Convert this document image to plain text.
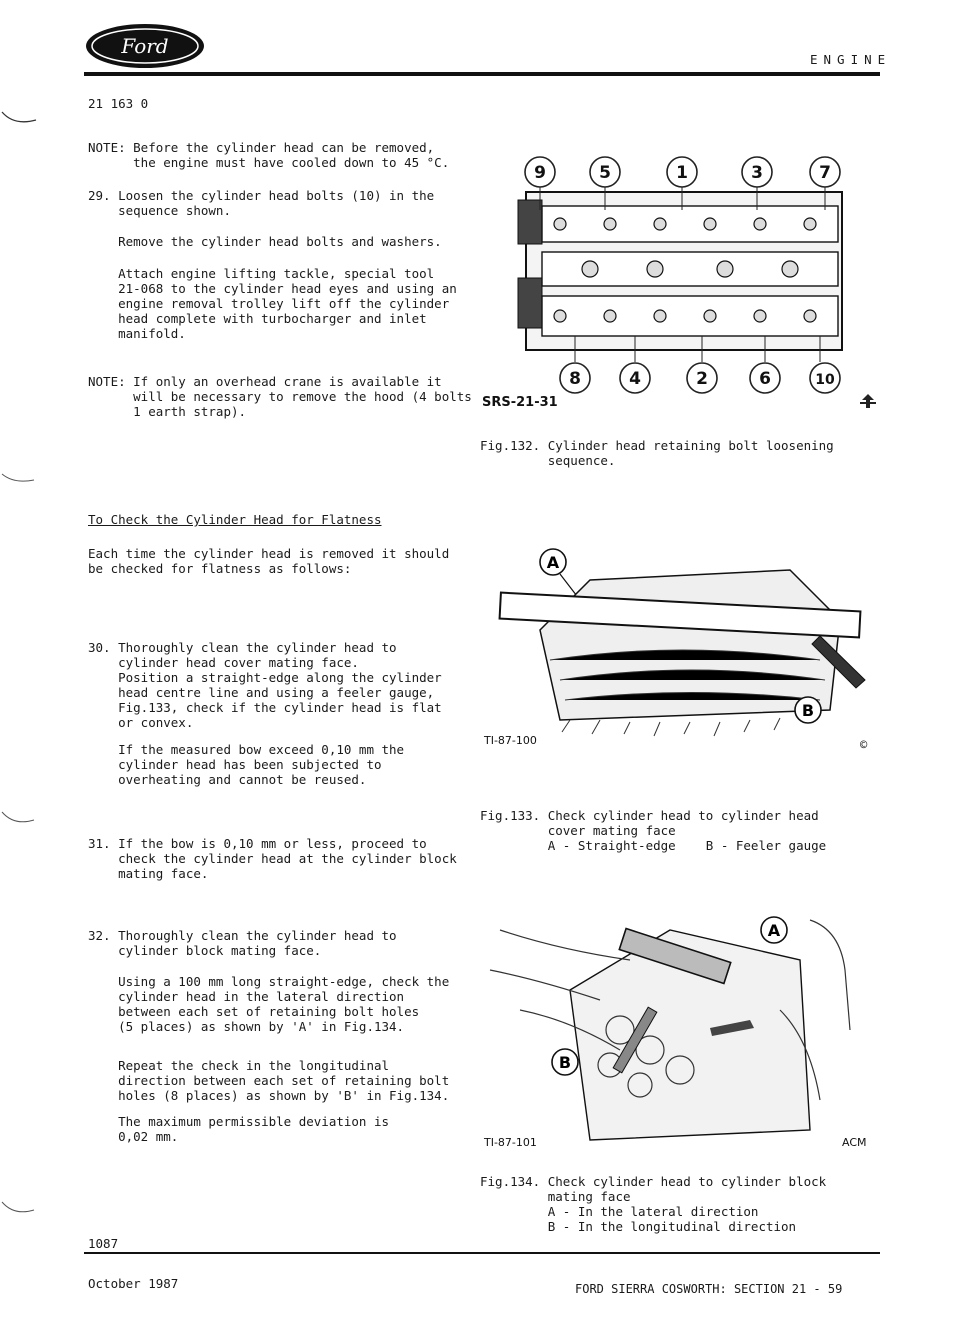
Ford
ENGINE
21 163 0
NOTE: Before the cylinder head can be removed,
the engine must have cooled down to 45 °C.
29. Loosen the cylinder head bolts (10) in the
sequence shown.
Remove the cylinder head bolts and washers.
Attach engine lifting tackle, special tool
21-068 to the cylinder head eyes and using an
engine removal trolley lift off the cylinder
head complete with turbocharger and inlet
manifold.
NOTE: If only an overhead crane is available it
will be necessary to remove the hood (4 bolts
1 earth strap).
To Check the Cylinder Head for Flatness
Each time the cylinder head is removed it should
be checked for flatness as follows:
30. Thoroughly clean the cylinder head to
cylinder head cover mating face.
Position a straight-edge along the cylinder
head centre line and using a feeler gauge,
Fig.133, check if the cylinder head is flat
or convex.
If the measured bow exceed 0,10 mm the
cylinder head has been subjected to
overheating and cannot be reused.
31. If the bow is 0,10 mm or less, proceed to
check the cylinder head at the cylinder block
mating face.
32. Thoroughly clean the cylinder head to
cylinder block mating face.
Using a 100 mm long straight-edge, check the
cylinder head in the lateral direction
between each set of retaining bolt holes
(5 places) as shown by 'A' in Fig.134.
Repeat the check in the longitudinal
direction between each set of retaining bolt
holes (8 places) as shown by 'B' in Fig.134.
The maximum permissible deviation is
0,02 mm.
1087
9	5	1	3	7
8	4	2	6	10
SRS-21-31
Fig.132. Cylinder head retaining bolt loosening
sequence.
A
B
TI-87-100	©
Fig.133. Check cylinder head to cylinder head
cover mating face
A - Straight-edge    B - Feeler gauge
A
B
TI-87-101	ACM
Fig.134. Check cylinder head to cylinder block
mating face
A - In the lateral direction
B - In the longitudinal direction
October 1987	FORD SIERRA COSWORTH: SECTION 21 - 59
